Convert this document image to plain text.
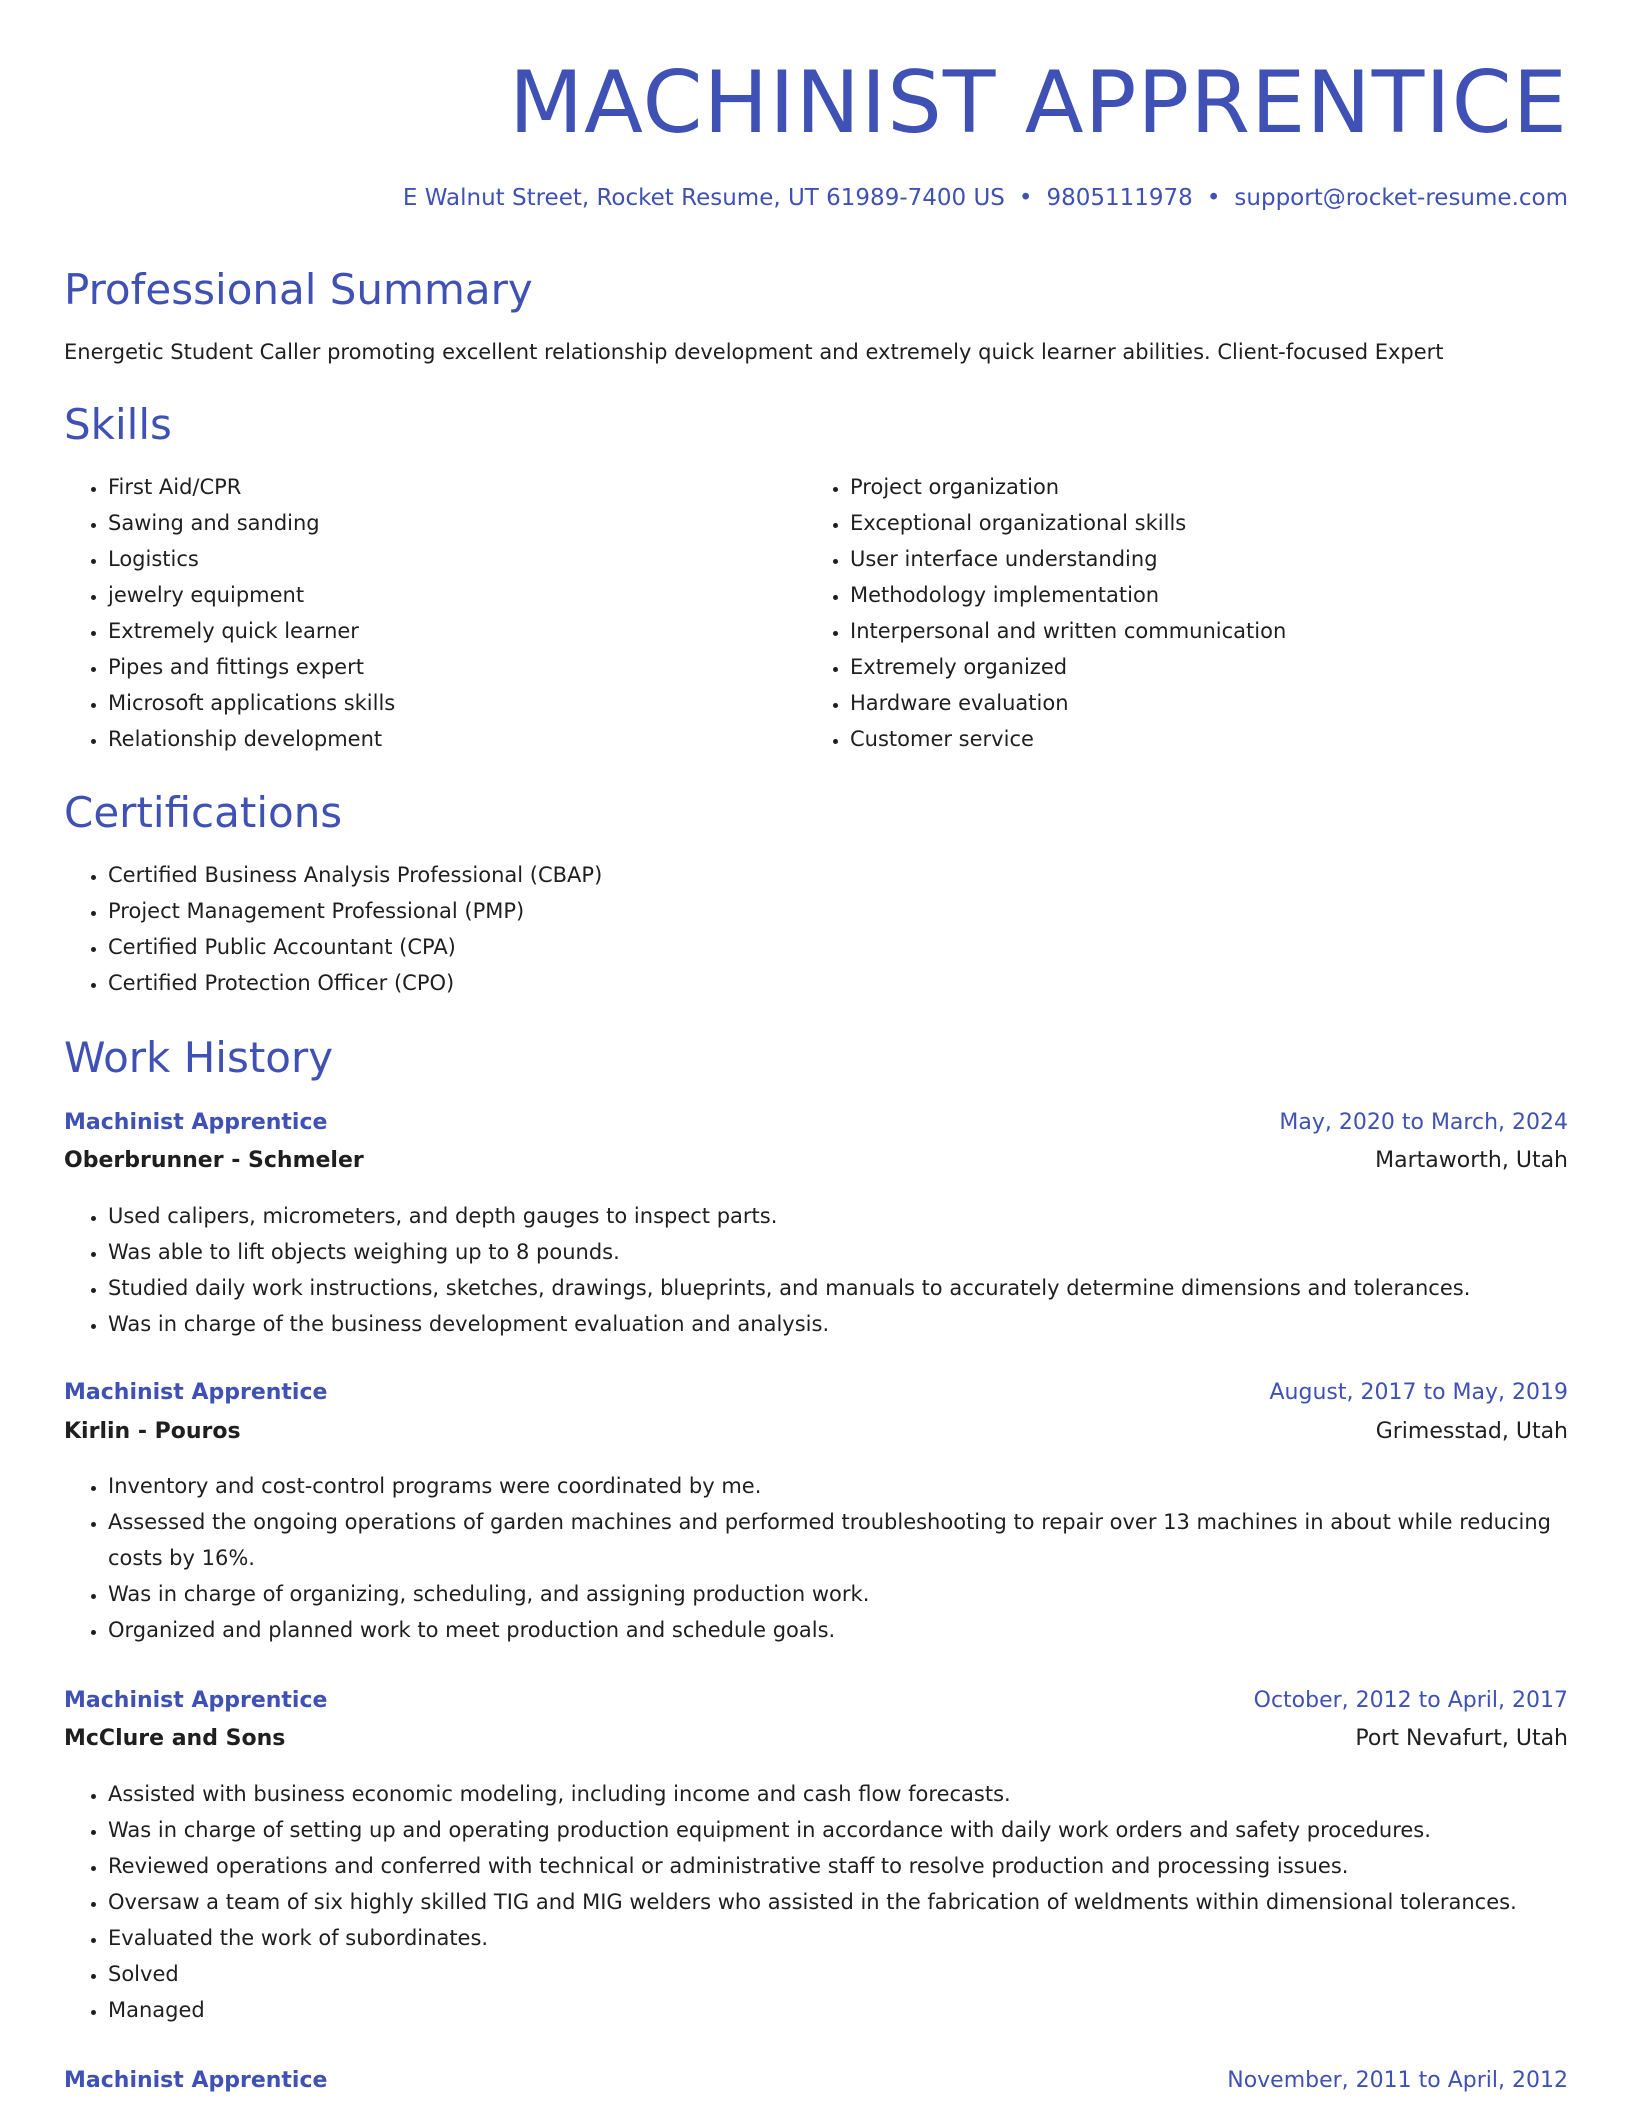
MACHINIST APPRENTICE
E Walnut Street, Rocket Resume, UT 61989-7400 US • 9805111978 • support@rocket-resume.com
Professional Summary
Energetic Student Caller promoting excellent relationship development and extremely quick learner abilities. Client-focused Expert
Skills
• First Aid/CPR
• Sawing and sanding
• Logistics
• jewelry equipment
• Extremely quick learner
• Pipes and fittings expert
• Microsoft applications skills
• Relationship development
• Project organization
• Exceptional organizational skills
• User interface understanding
• Methodology implementation
• Interpersonal and written communication
• Extremely organized
• Hardware evaluation
• Customer service
Certifications
• Certified Business Analysis Professional (CBAP)
• Project Management Professional (PMP)
• Certified Public Accountant (CPA)
• Certified Protection Officer (CPO)
Work History
Machinist Apprentice	May, 2020 to March, 2024
Oberbrunner - Schmeler	Martaworth, Utah
• Used calipers, micrometers, and depth gauges to inspect parts.
• Was able to lift objects weighing up to 8 pounds.
• Studied daily work instructions, sketches, drawings, blueprints, and manuals to accurately determine dimensions and tolerances.
• Was in charge of the business development evaluation and analysis.
Machinist Apprentice	August, 2017 to May, 2019
Kirlin - Pouros	Grimesstad, Utah
• Inventory and cost-control programs were coordinated by me.
• Assessed the ongoing operations of garden machines and performed troubleshooting to repair over 13 machines in about while reducing costs by 16%.
• Was in charge of organizing, scheduling, and assigning production work.
• Organized and planned work to meet production and schedule goals.
Machinist Apprentice	October, 2012 to April, 2017
McClure and Sons	Port Nevafurt, Utah
• Assisted with business economic modeling, including income and cash flow forecasts.
• Was in charge of setting up and operating production equipment in accordance with daily work orders and safety procedures.
• Reviewed operations and conferred with technical or administrative staff to resolve production and processing issues.
• Oversaw a team of six highly skilled TIG and MIG welders who assisted in the fabrication of weldments within dimensional tolerances.
• Evaluated the work of subordinates.
• Solved
• Managed
Machinist Apprentice	November, 2011 to April, 2012
